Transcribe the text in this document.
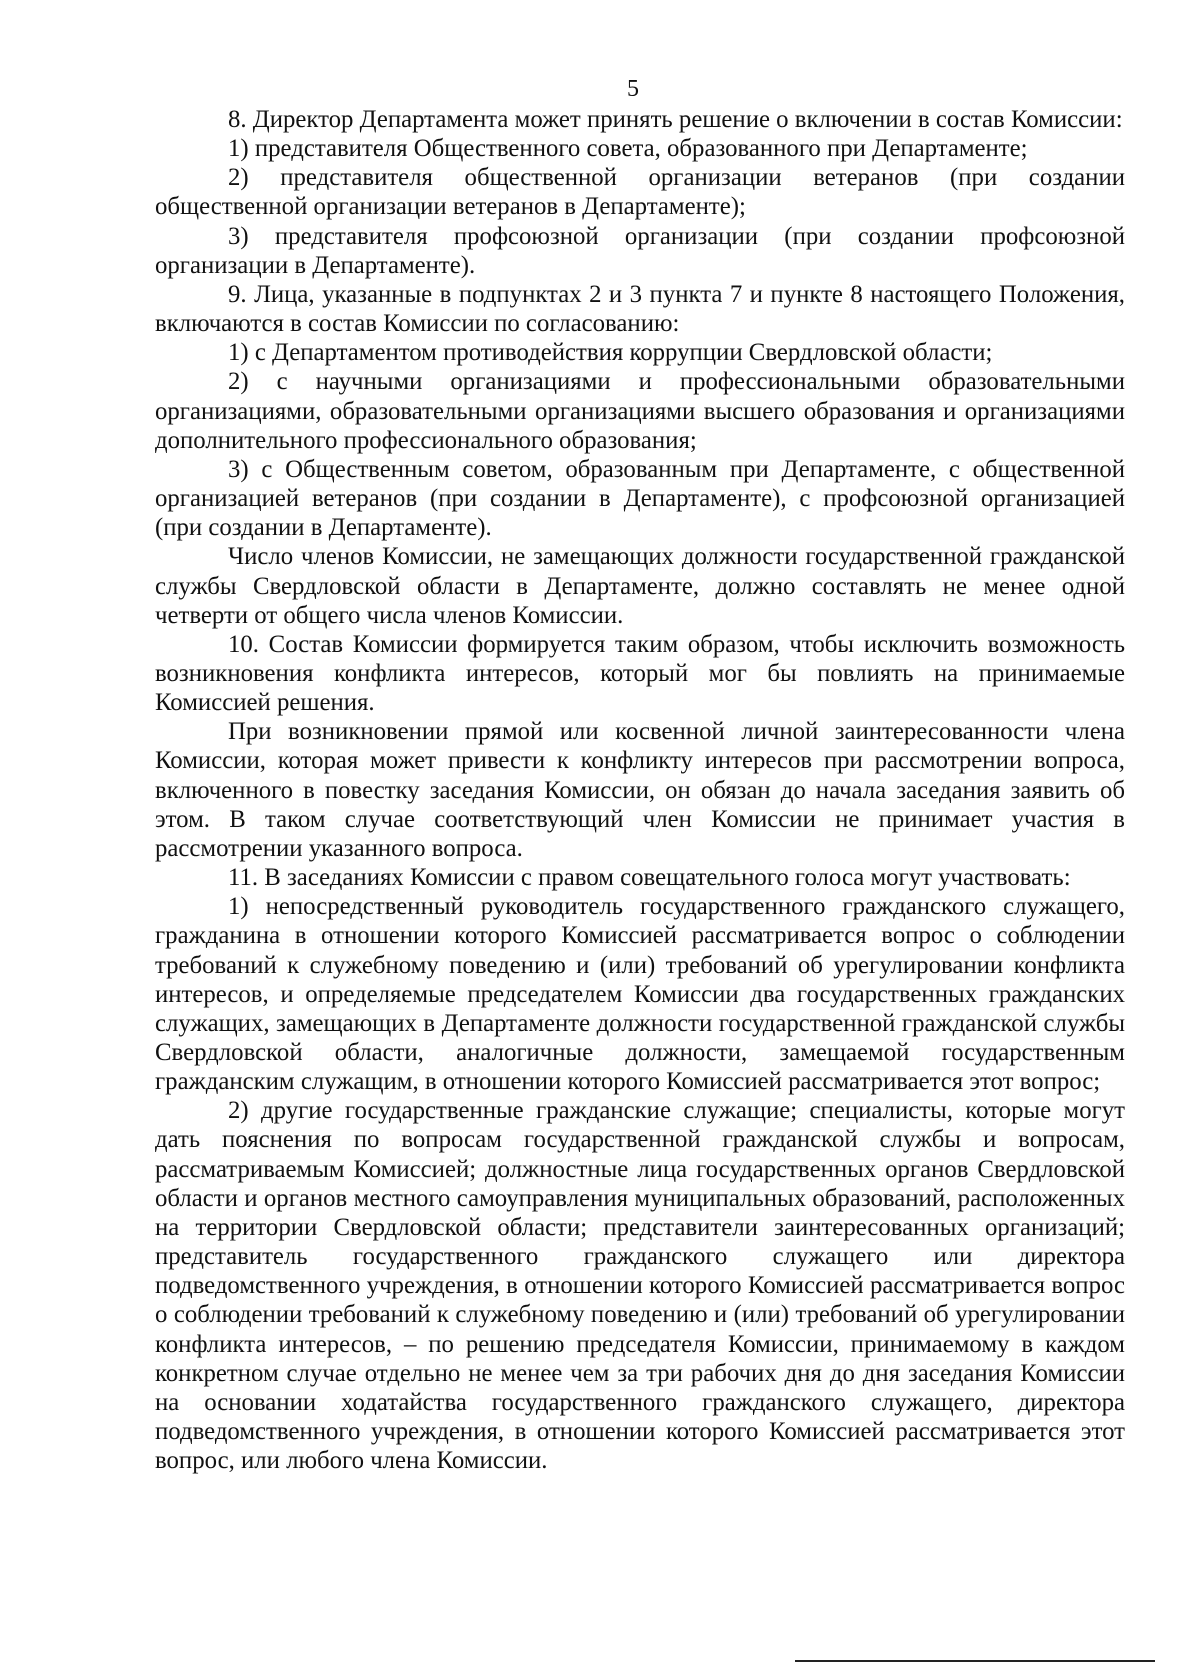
5

8. Директор Департамента может принять решение о включении в состав Комиссии:

1) представителя Общественного совета, образованного при Департаменте;

2) представителя общественной организации ветеранов (при создании общественной организации ветеранов в Департаменте);

3) представителя профсоюзной организации (при создании профсоюзной организации в Департаменте).

9. Лица, указанные в подпунктах 2 и 3 пункта 7 и пункте 8 настоящего Положения, включаются в состав Комиссии по согласованию:

1) с Департаментом противодействия коррупции Свердловской области;

2) с научными организациями и профессиональными образовательными организациями, образовательными организациями высшего образования и организациями дополнительного профессионального образования;

3) с Общественным советом, образованным при Департаменте, с общественной организацией ветеранов (при создании в Департаменте), с профсоюзной организацией (при создании в Департаменте).

Число членов Комиссии, не замещающих должности государственной гражданской службы Свердловской области в Департаменте, должно составлять не менее одной четверти от общего числа членов Комиссии.

10. Состав Комиссии формируется таким образом, чтобы исключить возможность возникновения конфликта интересов, который мог бы повлиять на принимаемые Комиссией решения.

При возникновении прямой или косвенной личной заинтересованности члена Комиссии, которая может привести к конфликту интересов при рассмотрении вопроса, включенного в повестку заседания Комиссии, он обязан до начала заседания заявить об этом. В таком случае соответствующий член Комиссии не принимает участия в рассмотрении указанного вопроса.

11. В заседаниях Комиссии с правом совещательного голоса могут участвовать:

1) непосредственный руководитель государственного гражданского служащего, гражданина в отношении которого Комиссией рассматривается вопрос о соблюдении требований к служебному поведению и (или) требований об урегулировании конфликта интересов, и определяемые председателем Комиссии два государственных гражданских служащих, замещающих в Департаменте должности государственной гражданской службы Свердловской области, аналогичные должности, замещаемой государственным гражданским служащим, в отношении которого Комиссией рассматривается этот вопрос;

2) другие государственные гражданские служащие; специалисты, которые могут дать пояснения по вопросам государственной гражданской службы и вопросам, рассматриваемым Комиссией; должностные лица государственных органов Свердловской области и органов местного самоуправления муниципальных образований, расположенных на территории Свердловской области; представители заинтересованных организаций; представитель государственного гражданского служащего или директора подведомственного учреждения, в отношении которого Комиссией рассматривается вопрос о соблюдении требований к служебному поведению и (или) требований об урегулировании конфликта интересов, – по решению председателя Комиссии, принимаемому в каждом конкретном случае отдельно не менее чем за три рабочих дня до дня заседания Комиссии на основании ходатайства государственного гражданского служащего, директора подведомственного учреждения, в отношении которого Комиссией рассматривается этот вопрос, или любого члена Комиссии.
